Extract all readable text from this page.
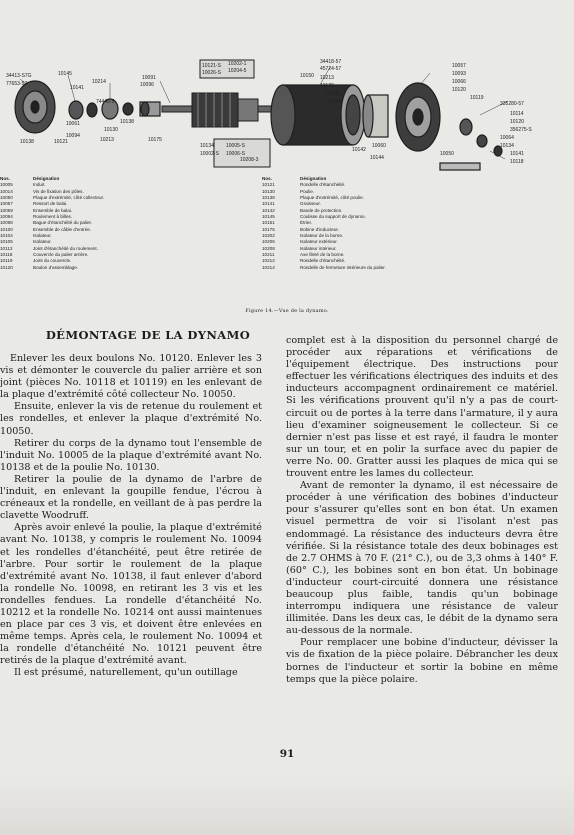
34413-S7G
77653-57
10145
10141
10214
10091
10096
74445-5
10138
10130
10094
10061
10138	10121	10213	10175
10121-S
10026-S
10202-1
10204-5
10005-S
10006-S
10002-S
10208-3
10134
34418-57
45724-57
10213
10120
10150
10156
10160
10142
10144
10057
10093
10066
10120
335280-57
10114
10120
356275-S
10064
10134
10141
10118
10119
10050
10060
Nos.	Désignation
10005	Induit.
10014	Vis de fixation des pôles.
10050	Plaque d'extrémité, côté collecteur.
10057	Ressort de balai.
10059	Ensemble de balai.
10094	Roulement à billes.
10098	Bague d'étanchéité du palier.
10100	Ensemble de câble d'entrée.
10104	Isolateur.
10105	Isolateur.
10113	Joint d'étanchéité du roulement.
10118	Couvercle du palier arrière.
10119	Joint du couvercle.
10120	Boulon d'assemblage.
Nos.	Désignation
10121	Rondelle d'étanchéité.
10130	Poulie.
10138	Plaque d'extrémité, côté poulie.
10141	Graisseur.
10142	Bande de protection.
10145	Coulisse du support de dynamo.
10151	Étrier.
10175	Bobine d'inducteur.
10202	Isolateur de la borne.
10206	Isolateur extérieur.
10208	Isolateur intérieur.
10211	Axe fileté de la borne.
10212	Rondelle d'étanchéité.
10214	Rondelle de fermeture intérieure du palier.
Figure 14.—Vue de la dynamo.
DÉMONTAGE DE LA DYNAMO

Enlever les deux boulons No. 10120. Enlever les 3 vis et démonter le couvercle du palier arrière et son joint (pièces No. 10118 et 10119) en les enlevant de la plaque d'extrémité côté collecteur No. 10050.

Ensuite, enlever la vis de retenue du roulement et les rondelles, et enlever la plaque d'extrémité No. 10050.

Retirer du corps de la dynamo tout l'ensemble de l'induit No. 10005 de la plaque d'extrémité avant No. 10138 et de la poulie No. 10130.

Retirer la poulie de la dynamo de l'arbre de l'induit, en enlevant la goupille fendue, l'écrou à créneaux et la rondelle, en veillant de à pas perdre la clavette Woodruff.

Après avoir enlevé la poulie, la plaque d'extrémité avant No. 10138, y compris le roulement No. 10094 et les rondelles d'étanchéité, peut être retirée de l'arbre. Pour sortir le roulement de la plaque d'extrémité avant No. 10138, il faut enlever d'abord la rondelle No. 10098, en retirant les 3 vis et les rondelles fendues. La rondelle d'étanchéité No. 10212 et la rondelle No. 10214 ont aussi maintenues en place par ces 3 vis, et doivent être enlevées en même temps. Après cela, le roulement No. 10094 et la rondelle d'étanchéité No. 10121 peuvent être retirés de la plaque d'extrémité avant.

Il est présumé, naturellement, qu'un outillage

complet est à la disposition du personnel chargé de procéder aux réparations et vérifications de l'équipement électrique. Des instructions pour effectuer les vérifications électriques des induits et des inducteurs accompagnent ordinairement ce matériel. Si les vérifications prouvent qu'il n'y a pas de court-circuit ou de portes à la terre dans l'armature, il y aura lieu d'examiner soigneusement le collecteur. Si ce dernier n'est pas lisse et est rayé, il faudra le monter sur un tour, et en polir la surface avec du papier de verre No. 00. Gratter aussi les plaques de mica qui se trouvent entre les lames du collecteur.

Avant de remonter la dynamo, il est nécessaire de procéder à une vérification des bobines d'inducteur pour s'assurer qu'elles sont en bon état. Un examen visuel permettra de voir si l'isolant n'est pas endommagé. La résistance des inducteurs devra être vérifiée. Si la résistance totale des deux bobinages est de 2.7 OHMS à 70 F. (21° C.), ou de 3,3 ohms à 140° F. (60° C.), les bobines sont en bon état. Un bobinage d'inducteur court-circuité donnera une résistance beaucoup plus faible, tandis qu'un bobinage interrompu indiquera une résistance de valeur illimitée. Dans les deux cas, le débit de la dynamo sera au-dessous de la normale.

Pour remplacer une bobine d'inducteur, dévisser la vis de fixation de la pièce polaire. Débrancher les deux bornes de l'inducteur et sortir la bobine en même temps que la pièce polaire.

91
